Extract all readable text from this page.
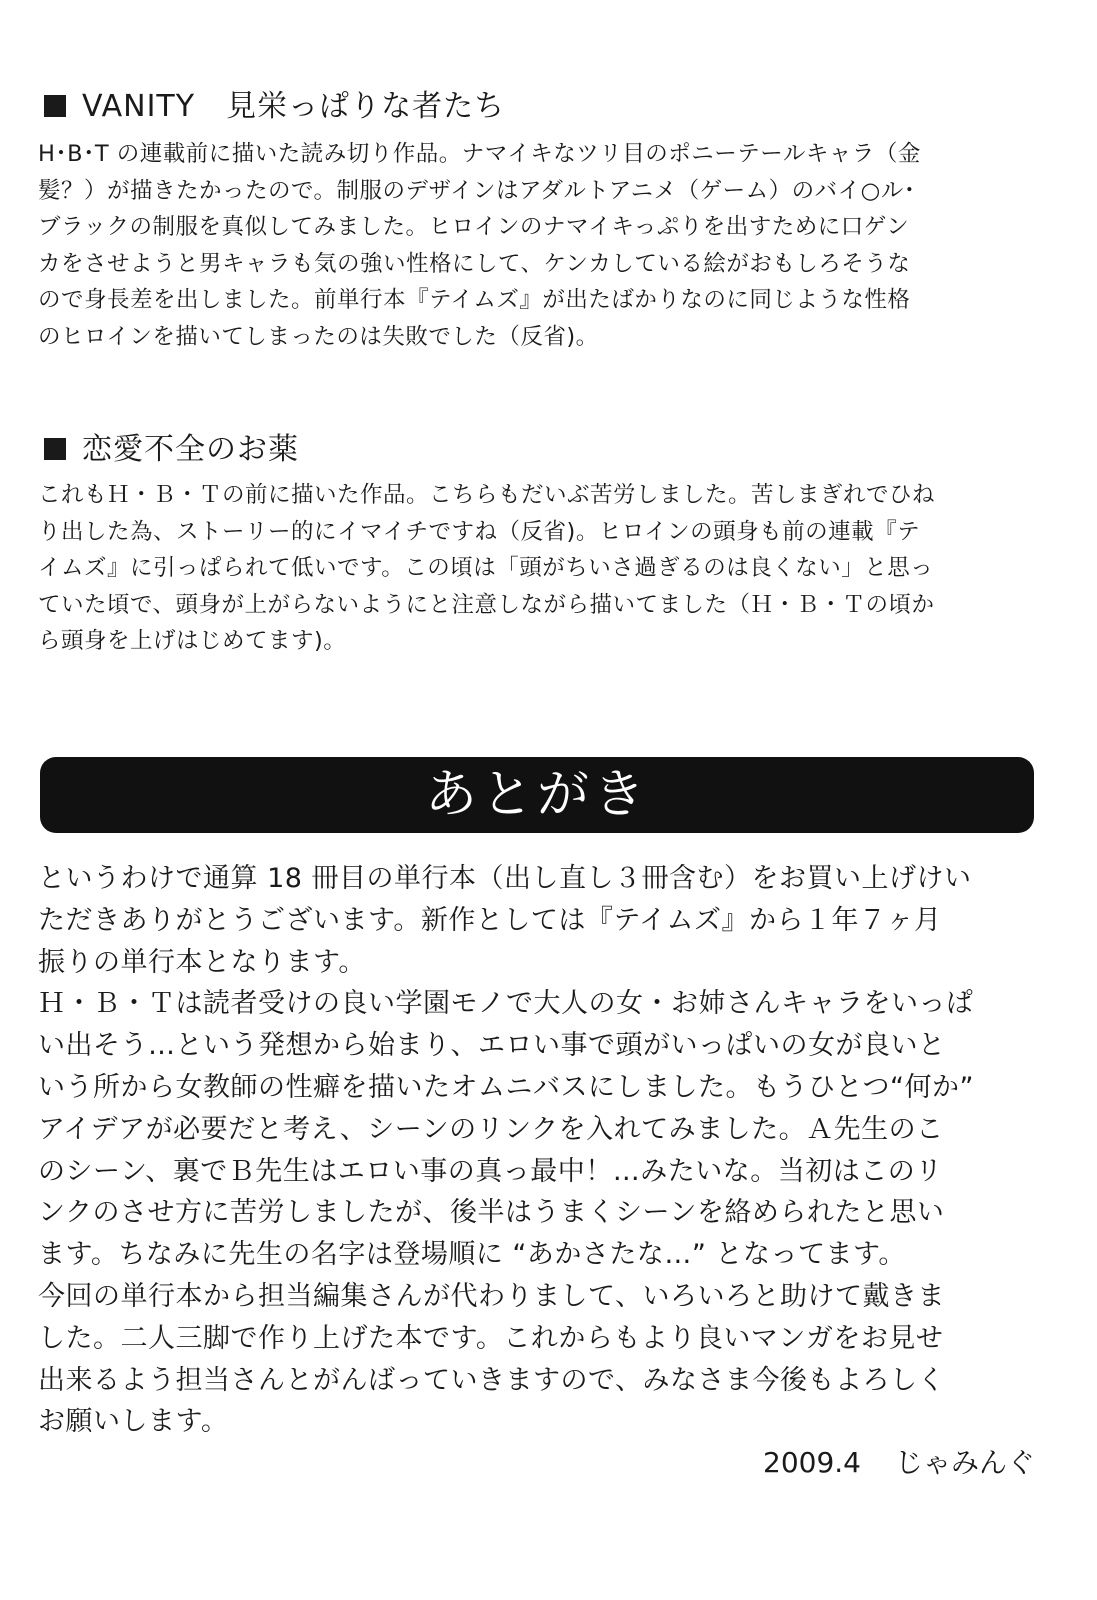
VANITY　見栄っぱりな者たち
H･B･T の連載前に描いた読み切り作品。ナマイキなツリ目のポニーテールキャラ（金
髪？）が描きたかったので。制服のデザインはアダルトアニメ（ゲーム）のバイ○ル･
ブラックの制服を真似してみました。ヒロインのナマイキっぷりを出すために口ゲン
カをさせようと男キャラも気の強い性格にして、ケンカしている絵がおもしろそうな
ので身長差を出しました。前単行本『テイムズ』が出たばかりなのに同じような性格
のヒロインを描いてしまったのは失敗でした（反省)。
恋愛不全のお薬
これもＨ・Ｂ・Ｔの前に描いた作品。こちらもだいぶ苦労しました。苦しまぎれでひね
り出した為、ストーリー的にイマイチですね（反省)。ヒロインの頭身も前の連載『テ
イムズ』に引っぱられて低いです。この頃は「頭がちいさ過ぎるのは良くない」と思っ
ていた頃で、頭身が上がらないようにと注意しながら描いてました（Ｈ・Ｂ・Ｔの頃か
ら頭身を上げはじめてます)。
あとがき
というわけで通算 18 冊目の単行本（出し直し３冊含む）をお買い上げけい
ただきありがとうございます。新作としては『テイムズ』から１年７ヶ月
振りの単行本となります。
Ｈ・Ｂ・Ｔは読者受けの良い学園モノで大人の女・お姉さんキャラをいっぱ
い出そう…という発想から始まり、エロい事で頭がいっぱいの女が良いと
いう所から女教師の性癖を描いたオムニバスにしました。もうひとつ“何か”
アイデアが必要だと考え、シーンのリンクを入れてみました。Ａ先生のこ
のシーン、裏でＢ先生はエロい事の真っ最中！…みたいな。当初はこのリ
ンクのさせ方に苦労しましたが、後半はうまくシーンを絡められたと思い
ます。ちなみに先生の名字は登場順に “あかさたな…” となってます。
今回の単行本から担当編集さんが代わりまして、いろいろと助けて戴きま
した。二人三脚で作り上げた本です。これからもより良いマンガをお見せ
出来るよう担当さんとがんばっていきますので、みなさま今後もよろしく
お願いします。
2009.4 じゃみんぐ
